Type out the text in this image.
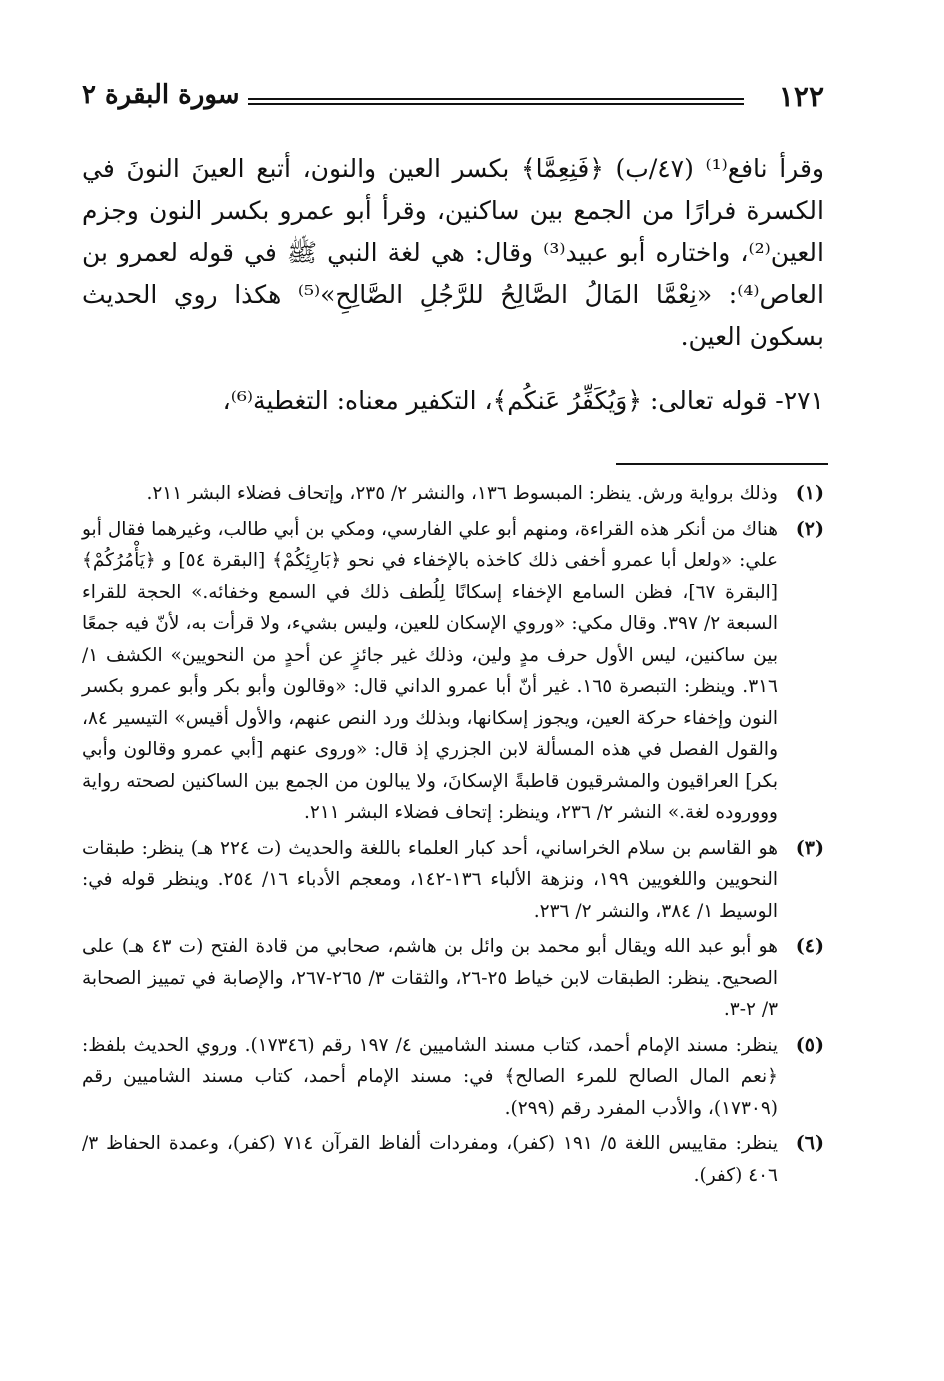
١٢٢
سورة البقرة ٢

وقرأ نافع⁽¹⁾ (٤٧/ب) ﴿فَنِعِمَّا﴾ بكسر العين والنون، أتبع العينَ النونَ في الكسرة فرارًا من الجمع بين ساكنين، وقرأ أبو عمرو بكسر النون وجزم العين⁽²⁾، واختاره أبو عبيد⁽³⁾ وقال: هي لغة النبي ﷺ في قوله لعمرو بن العاص⁽⁴⁾: «نِعْمَّا المَالُ الصَّالِحُ للرَّجُلِ الصَّالِحِ»⁽⁵⁾ هكذا روي الحديث بسكون العين.

٢٧١- قوله تعالى: ﴿وَيُكَفِّرُ عَنكُم﴾، التكفير معناه: التغطية⁽⁶⁾،

(١)
وذلك برواية ورش. ينظر: المبسوط ١٣٦، والنشر ٢/ ٢٣٥، وإتحاف فضلاء البشر ٢١١.
(٢)
هناك من أنكر هذه القراءة، ومنهم أبو علي الفارسي، ومكي بن أبي طالب، وغيرهما فقال أبو علي: «ولعل أبا عمرو أخفى ذلك كاخذه بالإخفاء في نحو ﴿بَارِئِكُمْ﴾ [البقرة ٥٤] و ﴿يَأْمُرُكُمْ﴾ [البقرة ٦٧]، فظن السامع الإخفاء إسكانًا لِلُطف ذلك في السمع وخفائه.» الحجة للقراء السبعة ٢/ ٣٩٧. وقال مكي: «وروي الإسكان للعين، وليس بشيء، ولا قرأت به، لأنّ فيه جمعًا بين ساكنين، ليس الأول حرف مدٍ ولين، وذلك غير جائزٍ عن أحدٍ من النحويين» الكشف ١/ ٣١٦. وينظر: التبصرة ١٦٥. غير أنّ أبا عمرو الداني قال: «وقالون وأبو بكر وأبو عمرو بكسر النون وإخفاء حركة العين، ويجوز إسكانها، وبذلك ورد النص عنهم، والأول أقيس» التيسير ٨٤، والقول الفصل في هذه المسألة لابن الجزري إذ قال: «وروى عنهم [أبي عمرو وقالون وأبي بكر] العراقيون والمشرقيون قاطبةً الإسكانَ، ولا يبالون من الجمع بين الساكنين لصحته رواية وووروده لغة.» النشر ٢/ ٢٣٦، وينظر: إتحاف فضلاء البشر ٢١١.
(٣)
هو القاسم بن سلام الخراساني، أحد كبار العلماء باللغة والحديث (ت ٢٢٤ هـ) ينظر: طبقات النحويين واللغويين ١٩٩، ونزهة الألباء ١٣٦-١٤٢، ومعجم الأدباء ١٦/ ٢٥٤. وينظر قوله في: الوسيط ١/ ٣٨٤، والنشر ٢/ ٢٣٦.
(٤)
هو أبو عبد الله ويقال أبو محمد بن وائل بن هاشم، صحابي من قادة الفتح (ت ٤٣ هـ) على الصحيح. ينظر: الطبقات لابن خياط ٢٥-٢٦، والثقات ٣/ ٢٦٥-٢٦٧، والإصابة في تمييز الصحابة ٣/ ٢-٣.
(٥)
ينظر: مسند الإمام أحمد، كتاب مسند الشاميين ٤/ ١٩٧ رقم (١٧٣٤٦). وروي الحديث بلفظ: ﴿نعم المال الصالح للمرء الصالح﴾ في: مسند الإمام أحمد، كتاب مسند الشاميين رقم (١٧٣٠٩)، والأدب المفرد رقم (٢٩٩).
(٦)
ينظر: مقاييس اللغة ٥/ ١٩١ (كفر)، ومفردات ألفاظ القرآن ٧١٤ (كفر)، وعمدة الحفاظ ٣/ ٤٠٦ (كفر).
